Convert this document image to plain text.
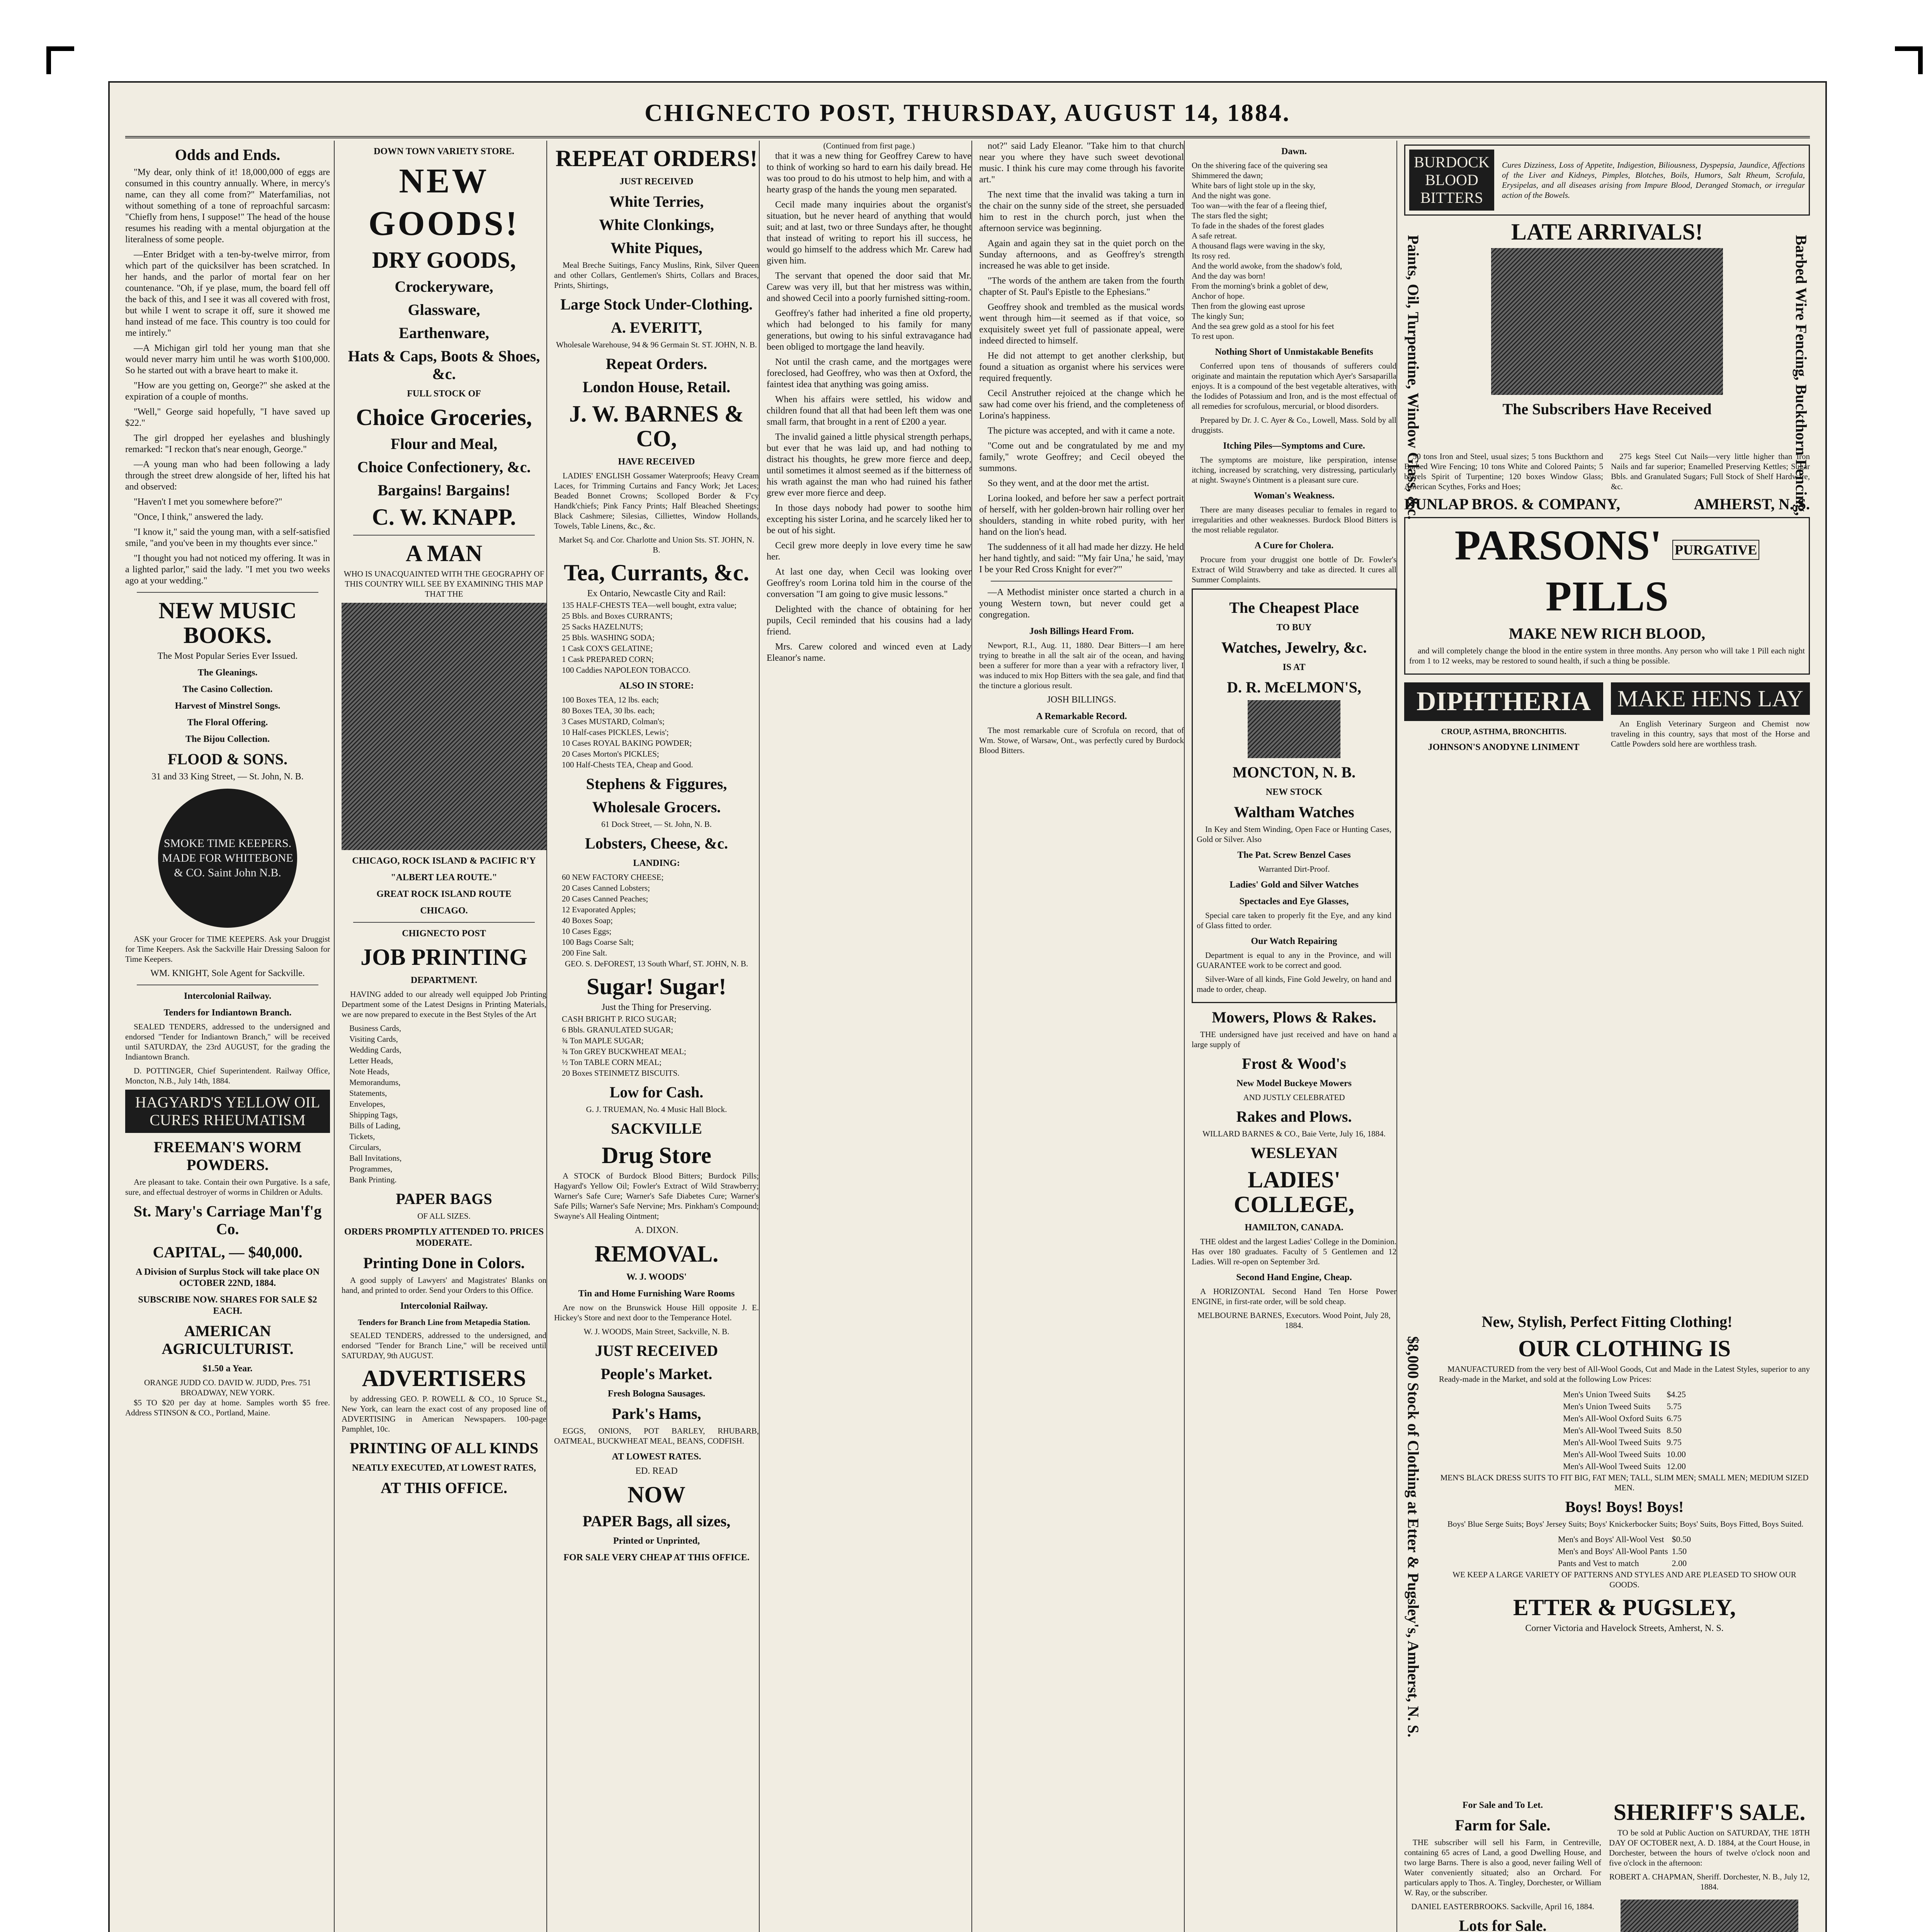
CHIGNECTO POST, THURSDAY, AUGUST 14, 1884.
Odds and Ends.

"My dear, only think of it! 18,000,000 of eggs are consumed in this country annually. Where, in mercy's name, can they all come from?" Materfamilias, not without something of a tone of reproachful sarcasm: "Chiefly from hens, I suppose!" The head of the house resumes his reading with a mental objurgation at the literalness of some people.

—Enter Bridget with a ten-by-twelve mirror, from which part of the quicksilver has been scratched. In her hands, and the parlor of mortal fear on her countenance. "Oh, if ye plase, mum, the board fell off the back of this, and I see it was all covered with frost, but while I went to scrape it off, sure it showed me hand instead of me face. This country is too could for me intirely."

—A Michigan girl told her young man that she would never marry him until he was worth $100,000. So he started out with a brave heart to make it.

"How are you getting on, George?" she asked at the expiration of a couple of months.

"Well," George said hopefully, "I have saved up $22."

The girl dropped her eyelashes and blushingly remarked: "I reckon that's near enough, George."

—A young man who had been following a lady through the street drew alongside of her, lifted his hat and observed:

"Haven't I met you somewhere before?"

"Once, I think," answered the lady.

"I know it," said the young man, with a self-satisfied smile, "and you've been in my thoughts ever since."

"I thought you had not noticed my offering. It was in a lighted parlor," said the lady. "I met you two weeks ago at your wedding."

NEW MUSIC BOOKS.
The Most Popular Series Ever Issued.
The Gleanings.
The Casino Collection.
Harvest of Minstrel Songs.
The Floral Offering.
The Bijou Collection.
FLOOD & SONS.
31 and 33 King Street, — St. John, N. B.
SMOKE TIME KEEPERS. MADE FOR WHITEBONE & CO. Saint John N.B.

ASK your Grocer for TIME KEEPERS. Ask your Druggist for Time Keepers. Ask the Sackville Hair Dressing Saloon for Time Keepers.

WM. KNIGHT, Sole Agent for Sackville.
Intercolonial Railway.
Tenders for Indiantown Branch.

SEALED TENDERS, addressed to the undersigned and endorsed "Tender for Indiantown Branch," will be received until SATURDAY, the 23rd AUGUST, for the grading the Indiantown Branch.

D. POTTINGER, Chief Superintendent. Railway Office, Moncton, N.B., July 14th, 1884.

HAGYARD'S YELLOW OIL CURES RHEUMATISM
FREEMAN'S WORM POWDERS.

Are pleasant to take. Contain their own Purgative. Is a safe, sure, and effectual destroyer of worms in Children or Adults.

St. Mary's Carriage Man'f'g Co.
CAPITAL, — $40,000.
A Division of Surplus Stock will take place ON OCTOBER 22ND, 1884.
SUBSCRIBE NOW. SHARES FOR SALE $2 EACH.
AMERICAN AGRICULTURIST.
$1.50 a Year.
ORANGE JUDD CO. DAVID W. JUDD, Pres. 751 BROADWAY, NEW YORK.

$5 TO $20 per day at home. Samples worth $5 free. Address STINSON & CO., Portland, Maine.

DOWN TOWN VARIETY STORE.
NEW
GOODS!
DRY GOODS,
Crockeryware,
Glassware,
Earthenware,
Hats & Caps, Boots & Shoes, &c.
FULL STOCK OF
Choice Groceries,
Flour and Meal,
Choice Confectionery, &c.
Bargains! Bargains!
C. W. KNAPP.
A MAN
WHO IS UNACQUAINTED WITH THE GEOGRAPHY OF THIS COUNTRY WILL SEE BY EXAMINING THIS MAP THAT THE
CHICAGO, ROCK ISLAND & PACIFIC R'Y
"ALBERT LEA ROUTE."
GREAT ROCK ISLAND ROUTE
CHICAGO.
CHIGNECTO POST
JOB PRINTING
DEPARTMENT.

HAVING added to our already well equipped Job Printing Department some of the Latest Designs in Printing Materials, we are now prepared to execute in the Best Styles of the Art

Business Cards,
Visiting Cards,
Wedding Cards,
Letter Heads,
Note Heads,
Memorandums,
Statements,
Envelopes,
Shipping Tags,
Bills of Lading,
Tickets,
Circulars,
Ball Invitations,
Programmes,
Bank Printing.
PAPER BAGS
OF ALL SIZES.
ORDERS PROMPTLY ATTENDED TO. PRICES MODERATE.
Printing Done in Colors.

A good supply of Lawyers' and Magistrates' Blanks on hand, and printed to order. Send your Orders to this Office.

Intercolonial Railway.
Tenders for Branch Line from Metapedia Station.

SEALED TENDERS, addressed to the undersigned, and endorsed "Tender for Branch Line," will be received until SATURDAY, 9th AUGUST.

ADVERTISERS

by addressing GEO. P. ROWELL & CO., 10 Spruce St., New York, can learn the exact cost of any proposed line of ADVERTISING in American Newspapers. 100-page Pamphlet, 10c.

PRINTING OF ALL KINDS
NEATLY EXECUTED, AT LOWEST RATES,
AT THIS OFFICE.
REPEAT ORDERS!
JUST RECEIVED
White Terries,
White Clonkings,
White Piques,

Meal Breche Suitings, Fancy Muslins, Rink, Silver Queen and other Collars, Gentlemen's Shirts, Collars and Braces, Prints, Shirtings,

Large Stock Under-Clothing.
A. EVERITT,
Wholesale Warehouse, 94 & 96 Germain St. ST. JOHN, N. B.
Repeat Orders.
London House, Retail.
J. W. BARNES & CO,
HAVE RECEIVED

LADIES' ENGLISH Gossamer Waterproofs; Heavy Cream Laces, for Trimming Curtains and Fancy Work; Jet Laces; Beaded Bonnet Crowns; Scolloped Border & F'cy Handk'chiefs; Pink Fancy Prints; Half Bleached Sheetings; Black Cashmere; Silesias, Cilliettes, Window Hollands, Towels, Table Linens, &c., &c.

Market Sq. and Cor. Charlotte and Union Sts. ST. JOHN, N. B.
Tea, Currants, &c.
Ex Ontario, Newcastle City and Rail:
135 HALF-CHESTS TEA—well bought, extra value;
25 Bbls. and Boxes CURRANTS;
25 Sacks HAZELNUTS;
25 Bbls. WASHING SODA;
1 Cask COX'S GELATINE;
1 Cask PREPARED CORN;
100 Caddies NAPOLEON TOBACCO.
ALSO IN STORE:
100 Boxes TEA, 12 lbs. each;
80 Boxes TEA, 30 lbs. each;
3 Cases MUSTARD, Colman's;
10 Half-cases PICKLES, Lewis';
10 Cases ROYAL BAKING POWDER;
20 Cases Morton's PICKLES;
100 Half-Chests TEA, Cheap and Good.
Stephens & Figgures,
Wholesale Grocers.
61 Dock Street, — St. John, N. B.
Lobsters, Cheese, &c.
LANDING:
60 NEW FACTORY CHEESE;
20 Cases Canned Lobsters;
20 Cases Canned Peaches;
12 Evaporated Apples;
40 Boxes Soap;
10 Cases Eggs;
100 Bags Coarse Salt;
200 Fine Salt.
GEO. S. DeFOREST, 13 South Wharf, ST. JOHN, N. B.
Sugar! Sugar!
Just the Thing for Preserving.
CASH BRIGHT P. RICO SUGAR;
6 Bbls. GRANULATED SUGAR;
¾ Ton MAPLE SUGAR;
¾ Ton GREY BUCKWHEAT MEAL;
½ Ton TABLE CORN MEAL;
20 Boxes STEINMETZ BISCUITS.
Low for Cash.
G. J. TRUEMAN, No. 4 Music Hall Block.
SACKVILLE
Drug Store

A STOCK of Burdock Blood Bitters; Burdock Pills; Hagyard's Yellow Oil; Fowler's Extract of Wild Strawberry; Warner's Safe Cure; Warner's Safe Diabetes Cure; Warner's Safe Pills; Warner's Safe Nervine; Mrs. Pinkham's Compound; Swayne's All Healing Ointment;

A. DIXON.
REMOVAL.
W. J. WOODS'
Tin and Home Furnishing Ware Rooms

Are now on the Brunswick House Hill opposite J. E. Hickey's Store and next door to the Temperance Hotel.

W. J. WOODS, Main Street, Sackville, N. B.
JUST RECEIVED
People's Market.
Fresh Bologna Sausages.
Park's Hams,

EGGS, ONIONS, POT BARLEY, RHUBARB, OATMEAL, BUCKWHEAT MEAL, BEANS, CODFISH.

AT LOWEST RATES.
ED. READ
NOW
PAPER Bags, all sizes,
Printed or Unprinted,
FOR SALE VERY CHEAP AT THIS OFFICE.
(Continued from first page.)

that it was a new thing for Geoffrey Carew to have to think of working so hard to earn his daily bread. He was too proud to do his utmost to help him, and with a hearty grasp of the hands the young men separated.

Cecil made many inquiries about the organist's situation, but he never heard of anything that would suit; and at last, two or three Sundays after, he thought that instead of writing to report his ill success, he would go himself to the address which Mr. Carew had given him.

The servant that opened the door said that Mr. Carew was very ill, but that her mistress was within, and showed Cecil into a poorly furnished sitting-room.

Geoffrey's father had inherited a fine old property, which had belonged to his family for many generations, but owing to his sinful extravagance had been obliged to mortgage the land heavily.

Not until the crash came, and the mortgages were foreclosed, had Geoffrey, who was then at Oxford, the faintest idea that anything was going amiss.

When his affairs were settled, his widow and children found that all that had been left them was one small farm, that brought in a rent of £200 a year.

The invalid gained a little physical strength perhaps, but ever that he was laid up, and had nothing to distract his thoughts, he grew more fierce and deep, until sometimes it almost seemed as if the bitterness of his wrath against the man who had ruined his father grew ever more fierce and deep.

In those days nobody had power to soothe him excepting his sister Lorina, and he scarcely liked her to be out of his sight.

Cecil grew more deeply in love every time he saw her.

At last one day, when Cecil was looking over Geoffrey's room Lorina told him in the course of the conversation "I am going to give music lessons."

Delighted with the chance of obtaining for her pupils, Cecil reminded that his cousins had a lady friend.

Mrs. Carew colored and winced even at Lady Eleanor's name.

not?" said Lady Eleanor. "Take him to that church near you where they have such sweet devotional music. I think his cure may come through his favorite art."

The next time that the invalid was taking a turn in the chair on the sunny side of the street, she persuaded him to rest in the church porch, just when the afternoon service was beginning.

Again and again they sat in the quiet porch on the Sunday afternoons, and as Geoffrey's strength increased he was able to get inside.

"The words of the anthem are taken from the fourth chapter of St. Paul's Epistle to the Ephesians."

Geoffrey shook and trembled as the musical words went through him—it seemed as if that voice, so exquisitely sweet yet full of passionate appeal, were indeed directed to himself.

He did not attempt to get another clerkship, but found a situation as organist where his services were required frequently.

Cecil Anstruther rejoiced at the change which he saw had come over his friend, and the completeness of Lorina's happiness.

The picture was accepted, and with it came a note.

"Come out and be congratulated by me and my family," wrote Geoffrey; and Cecil obeyed the summons.

So they went, and at the door met the artist.

Lorina looked, and before her saw a perfect portrait of herself, with her golden-brown hair rolling over her shoulders, standing in white robed purity, with her hand on the lion's head.

The suddenness of it all had made her dizzy. He held her hand tightly, and said: "'My fair Una,' he said, 'may I be your Red Cross Knight for ever?'"

—A Methodist minister once started a church in a young Western town, but never could get a congregation.

Josh Billings Heard From.

Newport, R.I., Aug. 11, 1880. Dear Bitters—I am here trying to breathe in all the salt air of the ocean, and having been a sufferer for more than a year with a refractory liver, I was induced to mix Hop Bitters with the sea gale, and find that the tincture a glorious result.

JOSH BILLINGS.
A Remarkable Record.

The most remarkable cure of Scrofula on record, that of Wm. Stowe, of Warsaw, Ont., was perfectly cured by Burdock Blood Bitters.

Dawn.
On the shivering face of the quivering sea
Shimmered the dawn;
White bars of light stole up in the sky,
And the night was gone.
Too wan—with the fear of a fleeing thief,
The stars fled the sight;
To fade in the shades of the forest glades
A safe retreat.
A thousand flags were waving in the sky,
Its rosy red.
And the world awoke, from the shadow's fold,
And the day was born!
From the morning's brink a goblet of dew,
Anchor of hope.
Then from the glowing east uprose
The kingly Sun;
And the sea grew gold as a stool for his feet
To rest upon.
Nothing Short of Unmistakable Benefits

Conferred upon tens of thousands of sufferers could originate and maintain the reputation which Ayer's Sarsaparilla enjoys. It is a compound of the best vegetable alteratives, with the Iodides of Potassium and Iron, and is the most effectual of all remedies for scrofulous, mercurial, or blood disorders.

Prepared by Dr. J. C. Ayer & Co., Lowell, Mass. Sold by all druggists.

Itching Piles—Symptoms and Cure.

The symptoms are moisture, like perspiration, intense itching, increased by scratching, very distressing, particularly at night. Swayne's Ointment is a pleasant sure cure.

Woman's Weakness.

There are many diseases peculiar to females in regard to irregularities and other weaknesses. Burdock Blood Bitters is the most reliable regulator.

A Cure for Cholera.

Procure from your druggist one bottle of Dr. Fowler's Extract of Wild Strawberry and take as directed. It cures all Summer Complaints.

The Cheapest Place
TO BUY
Watches, Jewelry, &c.
IS AT
D. R. McELMON'S,
MONCTON, N. B.
NEW STOCK
Waltham Watches

In Key and Stem Winding, Open Face or Hunting Cases, Gold or Silver. Also

The Pat. Screw Benzel Cases
Warranted Dirt-Proof.
Ladies' Gold and Silver Watches
Spectacles and Eye Glasses,

Special care taken to properly fit the Eye, and any kind of Glass fitted to order.

Our Watch Repairing

Department is equal to any in the Province, and will GUARANTEE work to be correct and good.

Silver-Ware of all kinds, Fine Gold Jewelry, on hand and made to order, cheap.

Mowers, Plows & Rakes.

THE undersigned have just received and have on hand a large supply of

Frost & Wood's
New Model Buckeye Mowers
AND JUSTLY CELEBRATED
Rakes and Plows.
WILLARD BARNES & CO., Baie Verte, July 16, 1884.
WESLEYAN
LADIES' COLLEGE,
HAMILTON, CANADA.

THE oldest and the largest Ladies' College in the Dominion. Has over 180 graduates. Faculty of 5 Gentlemen and 12 Ladies. Will re-open on September 3rd.

Second Hand Engine, Cheap.

A HORIZONTAL Second Hand Ten Horse Power ENGINE, in first-rate order, will be sold cheap.

MELBOURNE BARNES, Executors. Wood Point, July 28, 1884.
BURDOCK BLOOD BITTERS
Cures Dizziness, Loss of Appetite, Indigestion, Biliousness, Dyspepsia, Jaundice, Affections of the Liver and Kidneys, Pimples, Blotches, Boils, Humors, Salt Rheum, Scrofula, Erysipelas, and all diseases arising from Impure Blood, Deranged Stomach, or irregular action of the Bowels.
Paints, Oil, Turpentine, Window Glass, &c.	Barbed Wire Fencing, Buckthorn Fencing,
LATE ARRIVALS!
The Subscribers Have Received

50 tons Iron and Steel, usual sizes; 5 tons Buckthorn and Barbed Wire Fencing; 10 tons White and Colored Paints; 5 barrels Spirit of Turpentine; 120 boxes Window Glass; American Scythes, Forks and Hoes;

275 kegs Steel Cut Nails—very little higher than Iron Nails and far superior; Enamelled Preserving Kettles; Sugar Bbls. and Granulated Sugars; Full Stock of Shelf Hardware, &c.

DUNLAP BROS. & COMPANY,	AMHERST, N. S.
PARSONS' PURGATIVE PILLS
MAKE NEW RICH BLOOD,

and will completely change the blood in the entire system in three months. Any person who will take 1 Pill each night from 1 to 12 weeks, may be restored to sound health, if such a thing be possible.

DIPHTHERIA
CROUP, ASTHMA, BRONCHITIS.
JOHNSON'S ANODYNE LINIMENT
MAKE HENS LAY

An English Veterinary Surgeon and Chemist now traveling in this country, says that most of the Horse and Cattle Powders sold here are worthless trash.

New, Stylish, Perfect Fitting Clothing!
$8,000 Stock of Clothing at Etter & Pugsley's, Amherst, N. S.	OUR CLOTHING IS

MANUFACTURED from the very best of All-Wool Goods, Cut and Made in the Latest Styles, superior to any Ready-made in the Market, and sold at the following Low Prices:

Men's Union Tweed Suits	$4.25
Men's Union Tweed Suits	5.75
Men's All-Wool Oxford Suits	6.75
Men's All-Wool Tweed Suits	8.50
Men's All-Wool Tweed Suits	9.75
Men's All-Wool Tweed Suits	10.00
Men's All-Wool Tweed Suits	12.00

MEN'S BLACK DRESS SUITS TO FIT BIG, FAT MEN; TALL, SLIM MEN; SMALL MEN; MEDIUM SIZED MEN.

Boys! Boys! Boys!

Boys' Blue Serge Suits; Boys' Jersey Suits; Boys' Knickerbocker Suits; Boys' Suits, Boys Fitted, Boys Suited.

Men's and Boys' All-Wool Vest	$0.50
Men's and Boys' All-Wool Pants	1.50
Pants and Vest to match	2.00

WE KEEP A LARGE VARIETY OF PATTERNS AND STYLES AND ARE PLEASED TO SHOW OUR GOODS.

ETTER & PUGSLEY,
Corner Victoria and Havelock Streets, Amherst, N. S.
For Sale and To Let.
Farm for Sale.

THE subscriber will sell his Farm, in Centreville, containing 65 acres of Land, a good Dwelling House, and two large Barns. There is also a good, never failing Well of Water conveniently situated; also an Orchard. For particulars apply to Thos. A. Tingley, Dorchester, or William W. Ray, or the subscriber.

DANIEL EASTERBROOKS. Sackville, April 16, 1884.
Lots for Sale.

SHERIFF'S SALE.

TO be sold at Public Auction on SATURDAY, THE 18TH DAY OF OCTOBER next, A. D. 1884, at the Court House, in Dorchester, between the hours of twelve o'clock noon and five o'clock in the afternoon:

ROBERT A. CHAPMAN, Sheriff. Dorchester, N. B., July 12, 1884.
